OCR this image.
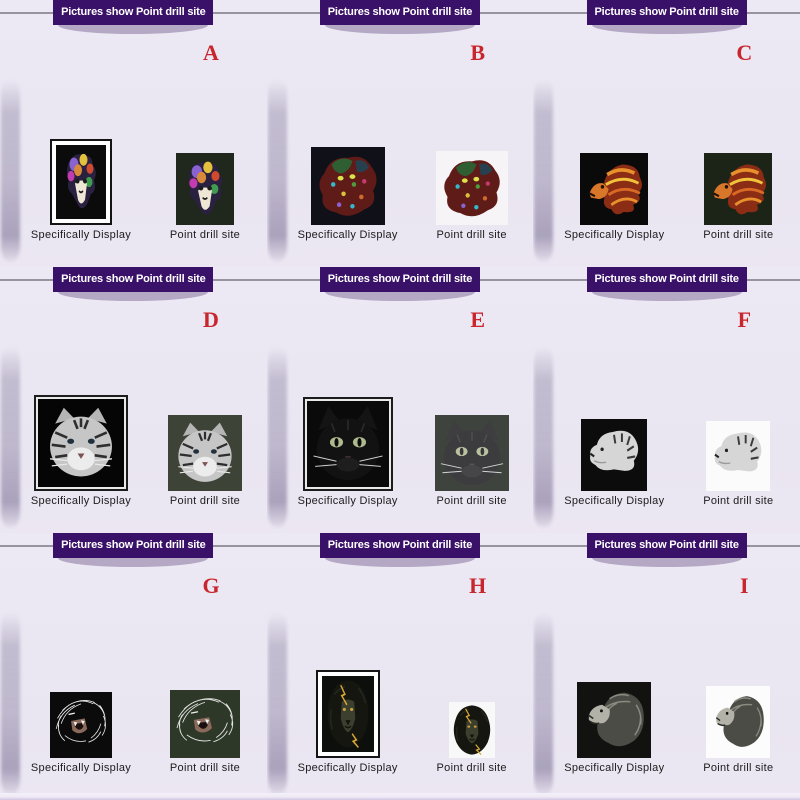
Pictures show Point drill site
A
Specifically Display	Point drill site
Pictures show Point drill site
B
Specifically Display	Point drill site
Pictures show Point drill site
C
Specifically Display	Point drill site
Pictures show Point drill site
D
Specifically Display	Point drill site
Pictures show Point drill site
E
Specifically Display	Point drill site
Pictures show Point drill site
F
Specifically Display	Point drill site
Pictures show Point drill site
G
Specifically Display	Point drill site
Pictures show Point drill site
H
Specifically Display	Point drill site
Pictures show Point drill site
I
Specifically Display	Point drill site
